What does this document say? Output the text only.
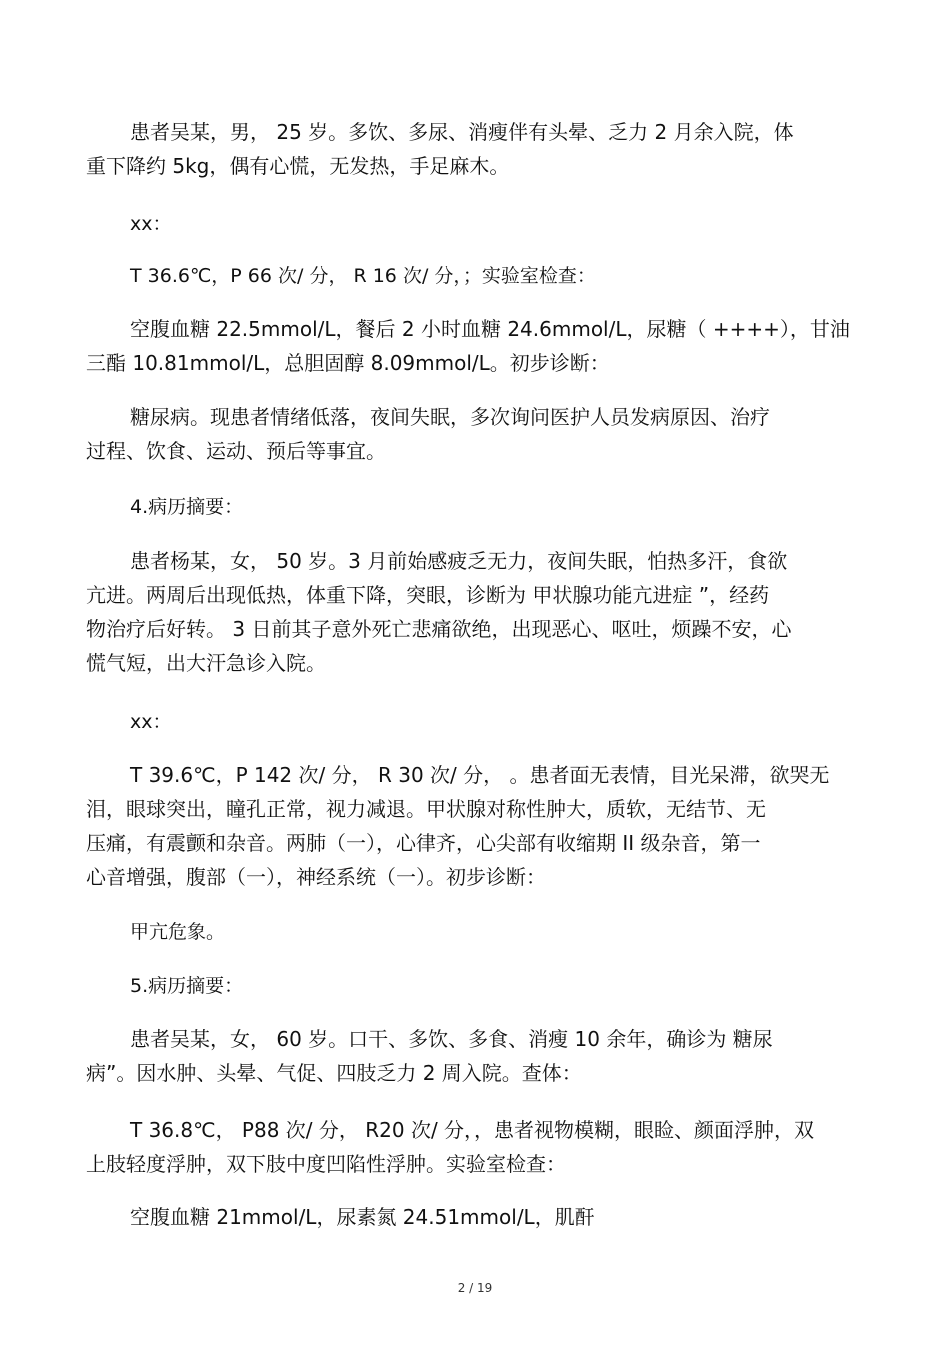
患者吴某，男， 25 岁。多饮、多尿、消瘦伴有头晕、乏力 2 月余入院，体
重下降约 5kg，偶有心慌，无发热，手足麻木。

xx：

T 36.6℃，P 66 次/ 分， R 16 次/ 分，；实验室检查：

空腹血糖 22.5mmol/L，餐后 2 小时血糖 24.6mmol/L，尿糖（ ++++），甘油
三酯 10.81mmol/L，总胆固醇 8.09mmol/L。初步诊断：
糖尿病。现患者情绪低落，夜间失眠，多次询问医护人员发病原因、治疗
过程、饮食、运动、预后等事宜。

4.病历摘要：

患者杨某，女， 50 岁。3 月前始感疲乏无力，夜间失眠，怕热多汗，食欲
亢进。两周后出现低热，体重下降，突眼，诊断为 甲状腺功能亢进症 ”，经药
物治疗后好转。 3 日前其子意外死亡悲痛欲绝，出现恶心、呕吐，烦躁不安，心
慌气短，出大汗急诊入院。

xx：

T 39.6℃，P 142 次/ 分， R 30 次/ 分， 。患者面无表情，目光呆滞，欲哭无
泪，眼球突出，瞳孔正常，视力减退。甲状腺对称性肿大，质软，无结节、无
压痛，有震颤和杂音。两肺（一），心律齐，心尖部有收缩期 II 级杂音，第一
心音增强，腹部（一），神经系统（一）。初步诊断：

甲亢危象。

5.病历摘要：

患者吴某，女， 60 岁。口干、多饮、多食、消瘦 10 余年，确诊为 糖尿
病”。因水肿、头晕、气促、四肢乏力 2 周入院。查体：
T 36.8℃， P88 次/ 分， R20 次/ 分，，患者视物模糊，眼睑、颜面浮肿，双
上肢轻度浮肿，双下肢中度凹陷性浮肿。实验室检查：
空腹血糖 21mmol/L，尿素氮 24.51mmol/L，肌酐
2 / 19
